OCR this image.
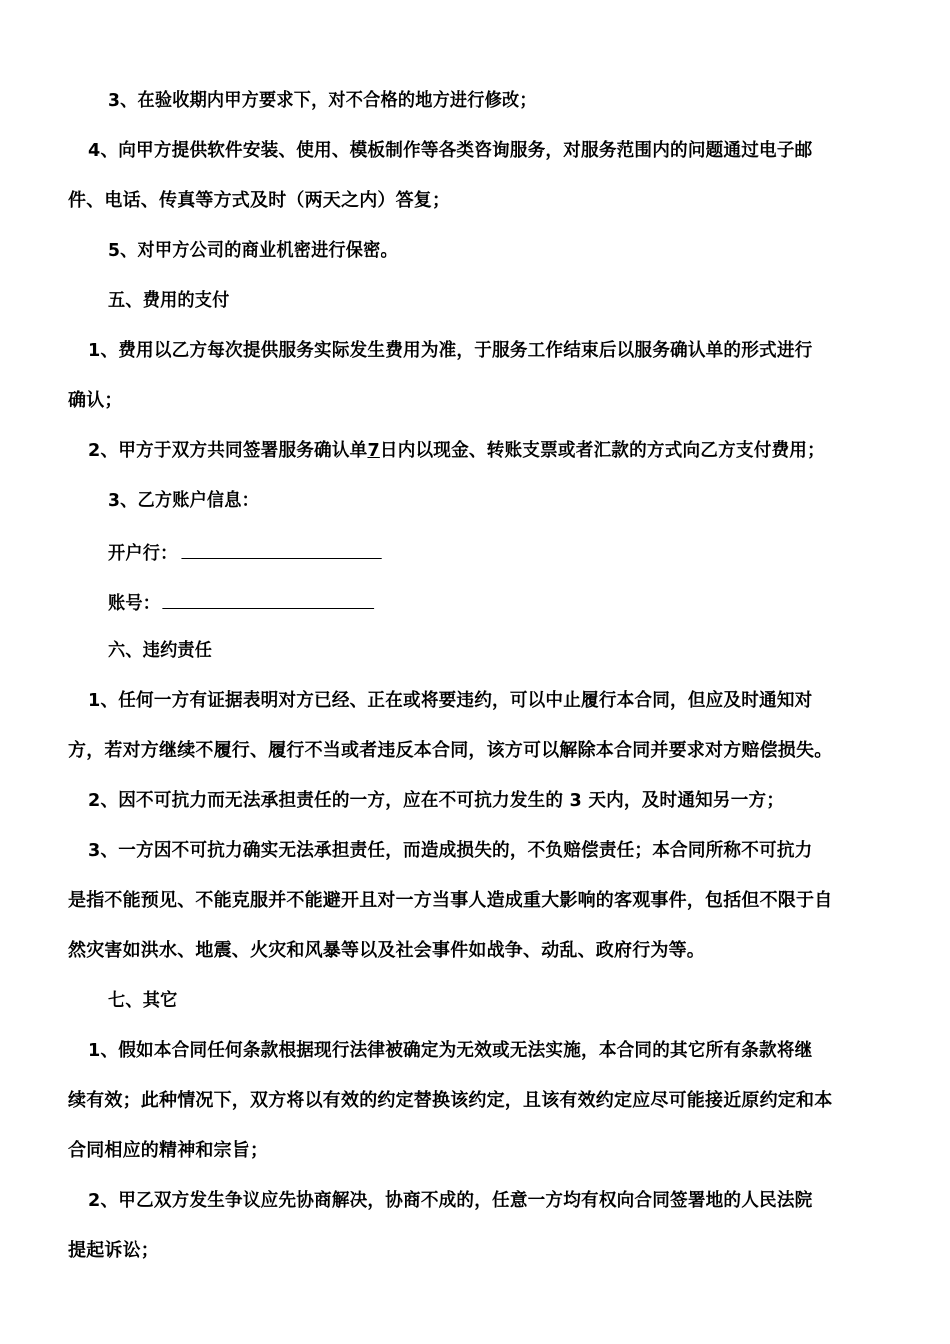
3、在验收期内甲方要求下，对不合格的地方进行修改；
4、向甲方提供软件安装、使用、模板制作等各类咨询服务，对服务范围内的问题通过电子邮
件、电话、传真等方式及时（两天之内）答复；
5、对甲方公司的商业机密进行保密。
五、费用的支付
1、费用以乙方每次提供服务实际发生费用为准，于服务工作结束后以服务确认单的形式进行
确认；
2、甲方于双方共同签署服务确认单7日内以现金、转账支票或者汇款的方式向乙方支付费用；
3、乙方账户信息：
开户行：
账号：
六、违约责任
1、任何一方有证据表明对方已经、正在或将要违约，可以中止履行本合同，但应及时通知对
方，若对方继续不履行、履行不当或者违反本合同，该方可以解除本合同并要求对方赔偿损失。
2、因不可抗力而无法承担责任的一方，应在不可抗力发生的 3 天内，及时通知另一方；
3、一方因不可抗力确实无法承担责任，而造成损失的，不负赔偿责任；本合同所称不可抗力
是指不能预见、不能克服并不能避开且对一方当事人造成重大影响的客观事件，包括但不限于自
然灾害如洪水、地震、火灾和风暴等以及社会事件如战争、动乱、政府行为等。
七、其它
1、假如本合同任何条款根据现行法律被确定为无效或无法实施，本合同的其它所有条款将继
续有效；此种情况下，双方将以有效的约定替换该约定，且该有效约定应尽可能接近原约定和本
合同相应的精神和宗旨；
2、甲乙双方发生争议应先协商解决，协商不成的，任意一方均有权向合同签署地的人民法院
提起诉讼；
